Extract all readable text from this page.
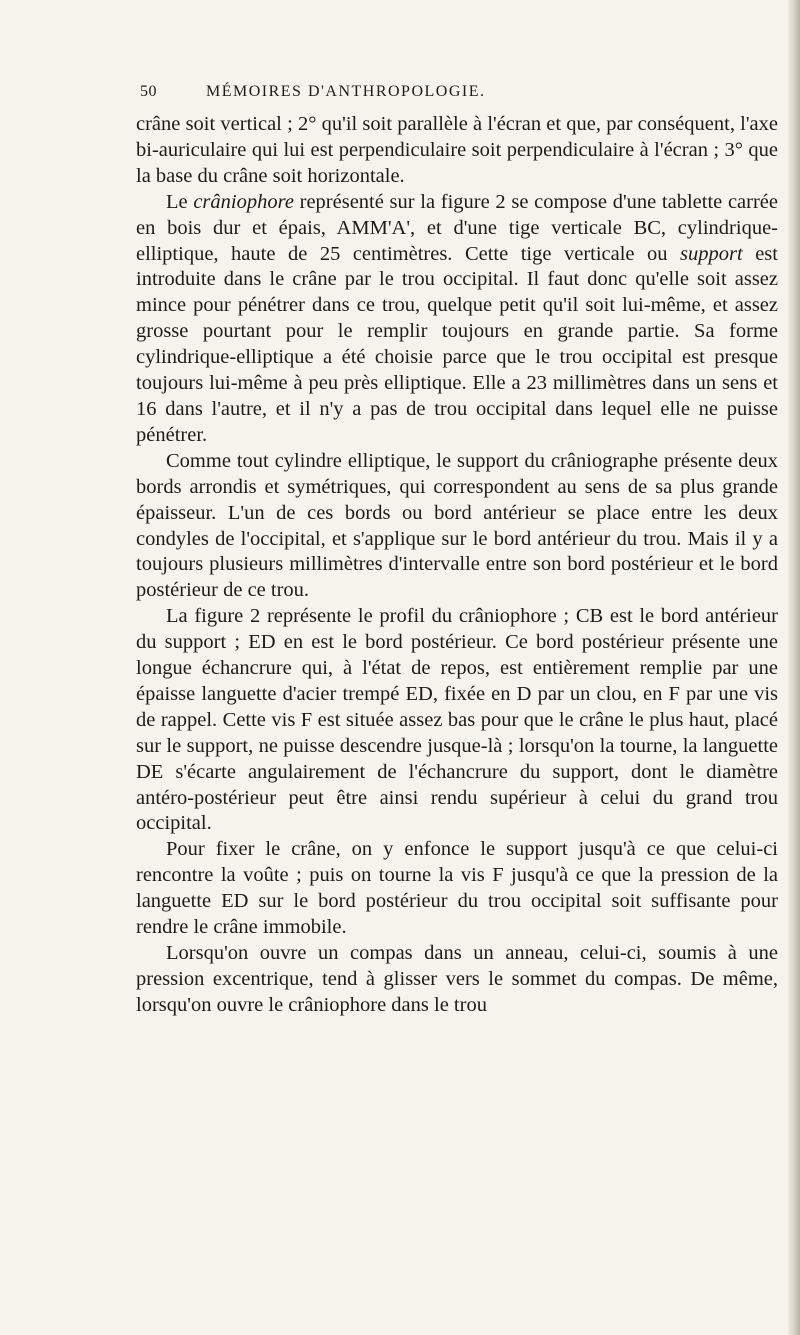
50	MÉMOIRES D'ANTHROPOLOGIE.

crâne soit vertical ; 2° qu'il soit parallèle à l'écran et que, par conséquent, l'axe bi-auriculaire qui lui est perpendiculaire soit perpendiculaire à l'écran ; 3° que la base du crâne soit horizontale.

Le crâniophore représenté sur la figure 2 se compose d'une tablette carrée en bois dur et épais, AMM'A', et d'une tige verticale BC, cylindrique-elliptique, haute de 25 centimètres. Cette tige verticale ou support est introduite dans le crâne par le trou occipital. Il faut donc qu'elle soit assez mince pour pénétrer dans ce trou, quelque petit qu'il soit lui-même, et assez grosse pourtant pour le remplir toujours en grande partie. Sa forme cylindrique-elliptique a été choisie parce que le trou occipital est presque toujours lui-même à peu près elliptique. Elle a 23 millimètres dans un sens et 16 dans l'autre, et il n'y a pas de trou occipital dans lequel elle ne puisse pénétrer.

Comme tout cylindre elliptique, le support du crâniographe présente deux bords arrondis et symétriques, qui correspondent au sens de sa plus grande épaisseur. L'un de ces bords ou bord antérieur se place entre les deux condyles de l'occipital, et s'applique sur le bord antérieur du trou. Mais il y a toujours plusieurs millimètres d'intervalle entre son bord postérieur et le bord postérieur de ce trou.

La figure 2 représente le profil du crâniophore ; CB est le bord antérieur du support ; ED en est le bord postérieur. Ce bord postérieur présente une longue échancrure qui, à l'état de repos, est entièrement remplie par une épaisse languette d'acier trempé ED, fixée en D par un clou, en F par une vis de rappel. Cette vis F est située assez bas pour que le crâne le plus haut, placé sur le support, ne puisse descendre jusque-là ; lorsqu'on la tourne, la languette DE s'écarte angulairement de l'échancrure du support, dont le diamètre antéro-postérieur peut être ainsi rendu supérieur à celui du grand trou occipital.

Pour fixer le crâne, on y enfonce le support jusqu'à ce que celui-ci rencontre la voûte ; puis on tourne la vis F jusqu'à ce que la pression de la languette ED sur le bord postérieur du trou occipital soit suffisante pour rendre le crâne immobile.

Lorsqu'on ouvre un compas dans un anneau, celui-ci, soumis à une pression excentrique, tend à glisser vers le sommet du compas. De même, lorsqu'on ouvre le crâniophore dans le trou
